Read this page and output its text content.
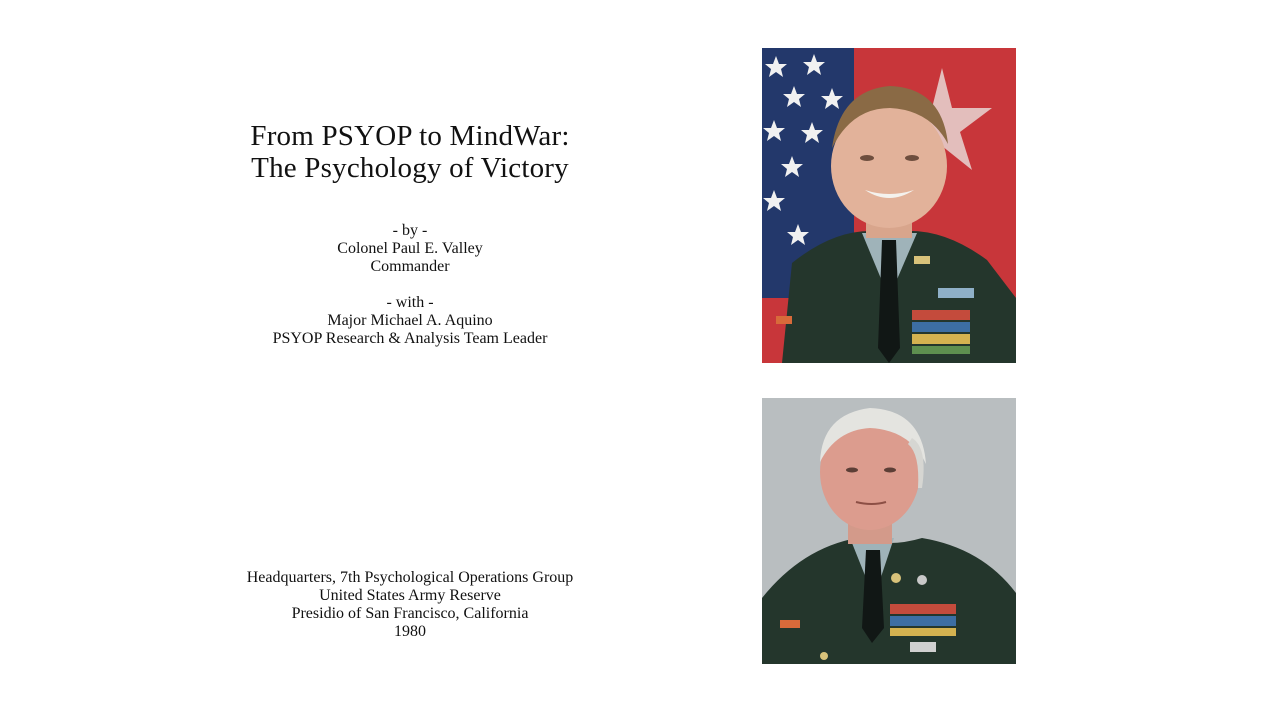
From PSYOP to MindWar:
The Psychology of Victory
- by -
Colonel Paul E. Valley
Commander
- with -
Major Michael A. Aquino
PSYOP Research & Analysis Team Leader
Headquarters, 7th Psychological Operations Group
United States Army Reserve
Presidio of San Francisco, California
1980
